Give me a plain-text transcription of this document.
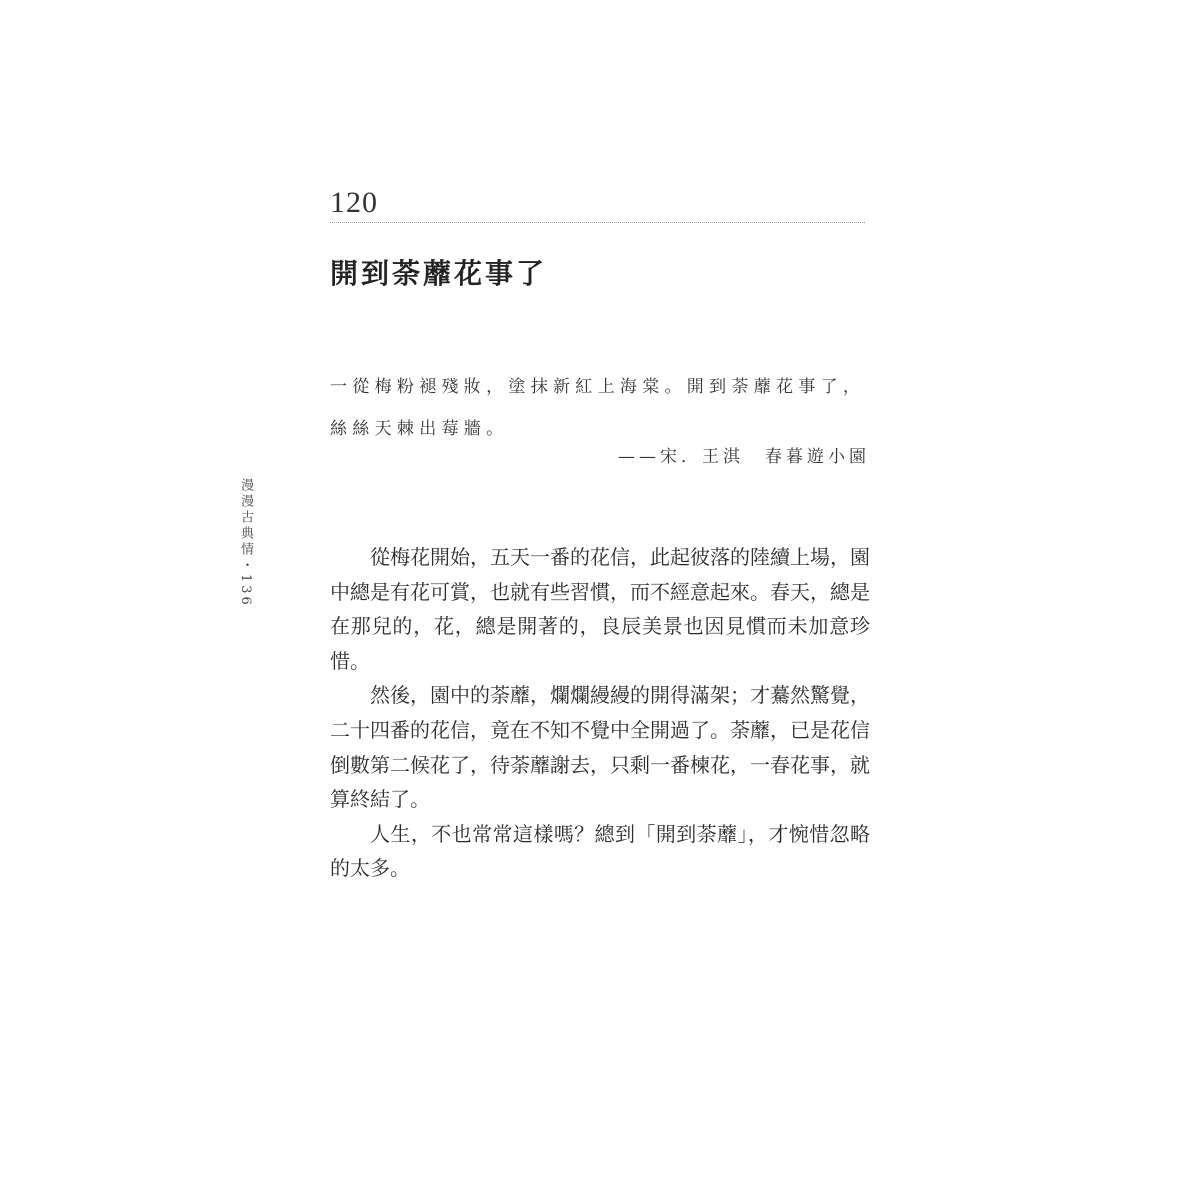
120
開到荼蘼花事了
一從梅粉褪殘妝，塗抹新紅上海棠。開到荼蘼花事了，絲絲天棘出莓牆。
——宋．王淇　春暮遊小園

從梅花開始，五天一番的花信，此起彼落的陸續上場，園中總是有花可賞，也就有些習慣，而不經意起來。春天，總是在那兒的，花，總是開著的，良辰美景也因見慣而未加意珍惜。

然後，園中的荼蘼，爛爛縵縵的開得滿架；才驀然驚覺，二十四番的花信，竟在不知不覺中全開過了。荼蘼，已是花信倒數第二候花了，待荼蘼謝去，只剩一番楝花，一春花事，就算終結了。

人生，不也常常這樣嗎？總到「開到荼蘼」，才惋惜忽略的太多。

漫漫古典情・136
